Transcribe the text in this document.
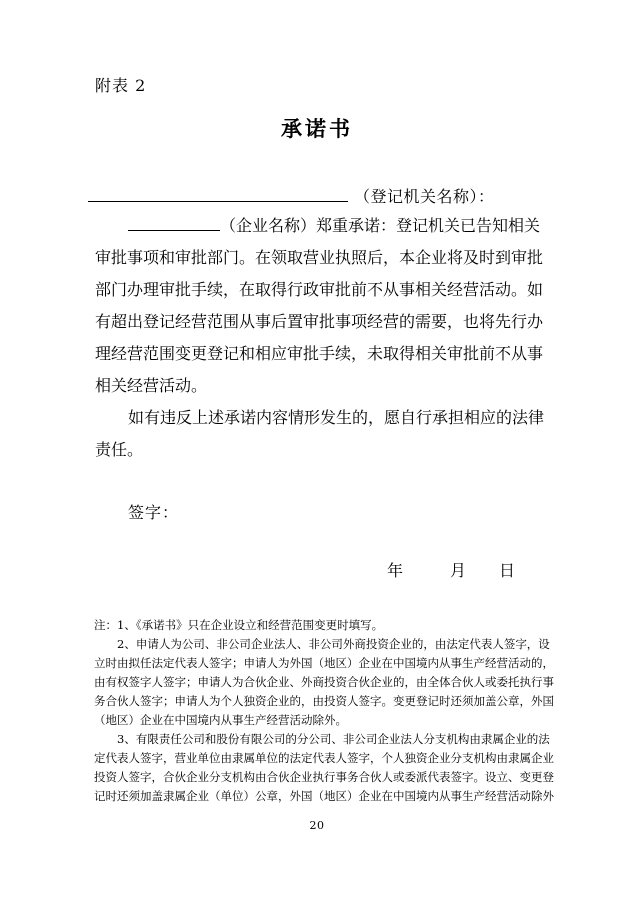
附表 2
承诺书
（登记机关名称）：
（企业名称）郑重承诺：登记机关已告知相关
审批事项和审批部门。在领取营业执照后，本企业将及时到审批
部门办理审批手续，在取得行政审批前不从事相关经营活动。如
有超出登记经营范围从事后置审批事项经营的需要，也将先行办
理经营范围变更登记和相应审批手续，未取得相关审批前不从事
相关经营活动。
如有违反上述承诺内容情形发生的，愿自行承担相应的法律
责任。
签字：
年	月 日
注：1、《承诺书》只在企业设立和经营范围变更时填写。
2、申请人为公司、非公司企业法人、非公司外商投资企业的，由法定代表人签字，设
立时由拟任法定代表人签字；申请人为外国（地区）企业在中国境内从事生产经营活动的，
由有权签字人签字；申请人为合伙企业、外商投资合伙企业的，由全体合伙人或委托执行事
务合伙人签字；申请人为个人独资企业的，由投资人签字。变更登记时还须加盖公章，外国
（地区）企业在中国境内从事生产经营活动除外。
3、有限责任公司和股份有限公司的分公司、非公司企业法人分支机构由隶属企业的法
定代表人签字，营业单位由隶属单位的法定代表人签字，个人独资企业分支机构由隶属企业
投资人签字，合伙企业分支机构由合伙企业执行事务合伙人或委派代表签字。设立、变更登
记时还须加盖隶属企业（单位）公章，外国（地区）企业在中国境内从事生产经营活动除外
20
